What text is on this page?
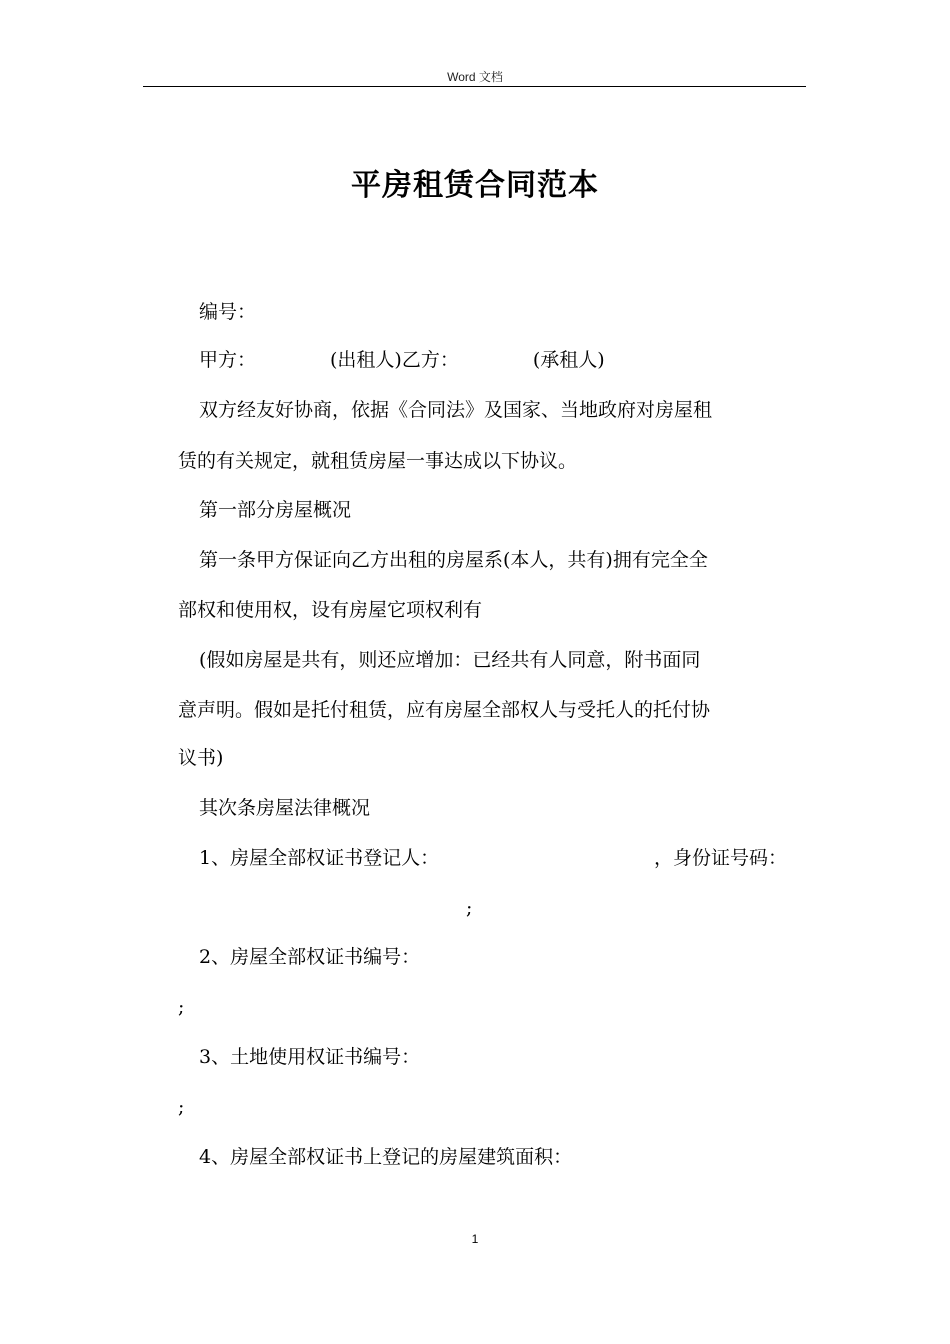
Word 文档
平房租赁合同范本
编号：
甲方：	(出租人)乙方：	(承租人)
双方经友好协商，依据《合同法》及国家、当地政府对房屋租
赁的有关规定，就租赁房屋一事达成以下协议。
第一部分房屋概况
第一条甲方保证向乙方出租的房屋系(本人，共有)拥有完全全
部权和使用权，设有房屋它项权利有
(假如房屋是共有，则还应增加：已经共有人同意，附书面同
意声明。假如是托付租赁，应有房屋全部权人与受托人的托付协
议书)
其次条房屋法律概况
1、房屋全部权证书登记人：	，身份证号码：
;
2、房屋全部权证书编号：
;
3、土地使用权证书编号：
;
4、房屋全部权证书上登记的房屋建筑面积：
1
